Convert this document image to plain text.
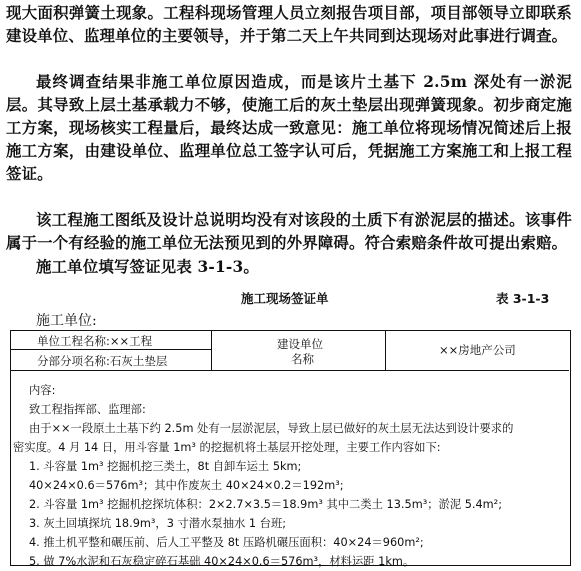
现大面积弹簧土现象。工程科现场管理人员立刻报告项目部，项目部领导立即联系建设单位、监理单位的主要领导，并于第二天上午共同到达现场对此事进行调查。

最终调查结果非施工单位原因造成，而是该片土基下 2.5m 深处有一淤泥层。其导致上层土基承载力不够，使施工后的灰土垫层出现弹簧现象。初步商定施工方案，现场核实工程量后，最终达成一致意见：施工单位将现场情况简述后上报施工方案，由建设单位、监理单位总工签字认可后，凭据施工方案施工和上报工程签证。

该工程施工图纸及设计总说明均没有对该段的土质下有淤泥层的描述。该事件属于一个有经验的施工单位无法预见到的外界障碍。符合索赔条件故可提出索赔。

施工单位填写签证见表 3-1-3。

施工现场签证单	表 3-1-3
施工单位:
单位工程名称:××工程
分部分项名称:石灰土垫层
建设单位
名称
××房地产公司
内容:
致工程指挥部、监理部:
由于××一段原土土基下约 2.5m 处有一层淤泥层，导致上层已做好的灰土层无法达到设计要求的
密实度。4 月 14 日，用斗容量 1m³ 的挖掘机将土基层开挖处理，主要工作内容如下:
1. 斗容量 1m³ 挖掘机挖三类土，8t 自卸车运土 5km;
40×24×0.6＝576m³；其中作废灰土 40×24×0.2＝192m³;
2. 斗容量 1m³ 挖掘机挖探坑体积：2×2.7×3.5＝18.9m³ 其中二类土 13.5m³；淤泥 5.4m²;
3. 灰土回填探坑 18.9m³，3 寸潜水泵抽水 1 台班;
4. 推土机平整和碾压前、后人工平整及 8t 压路机碾压面积：40×24＝960m²;
5. 做 7%水泥和石灰稳定碎石基础 40×24×0.6＝576m³，材料运距 1km。
